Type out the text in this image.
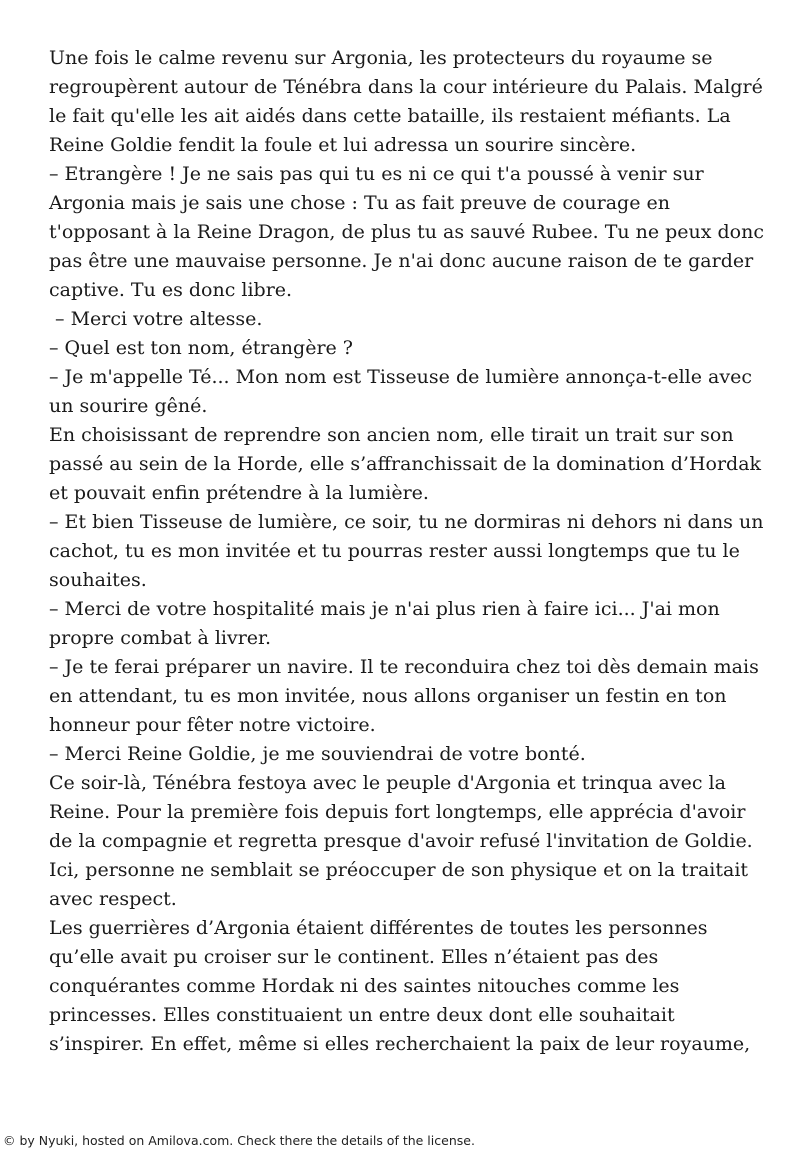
Une fois le calme revenu sur Argonia, les protecteurs du royaume se
regroupèrent autour de Ténébra dans la cour intérieure du Palais. Malgré
le fait qu'elle les ait aidés dans cette bataille, ils restaient méfiants. La
Reine Goldie fendit la foule et lui adressa un sourire sincère.
– Etrangère ! Je ne sais pas qui tu es ni ce qui t'a poussé à venir sur
Argonia mais je sais une chose : Tu as fait preuve de courage en
t'opposant à la Reine Dragon, de plus tu as sauvé Rubee. Tu ne peux donc
pas être une mauvaise personne. Je n'ai donc aucune raison de te garder
captive. Tu es donc libre.
– Merci votre altesse.
– Quel est ton nom, étrangère ?
– Je m'appelle Té... Mon nom est Tisseuse de lumière annonça-t-elle avec
un sourire gêné.
En choisissant de reprendre son ancien nom, elle tirait un trait sur son
passé au sein de la Horde, elle s’affranchissait de la domination d’Hordak
et pouvait enfin prétendre à la lumière.
– Et bien Tisseuse de lumière, ce soir, tu ne dormiras ni dehors ni dans un
cachot, tu es mon invitée et tu pourras rester aussi longtemps que tu le
souhaites.
– Merci de votre hospitalité mais je n'ai plus rien à faire ici... J'ai mon
propre combat à livrer.
– Je te ferai préparer un navire. Il te reconduira chez toi dès demain mais
en attendant, tu es mon invitée, nous allons organiser un festin en ton
honneur pour fêter notre victoire.
– Merci Reine Goldie, je me souviendrai de votre bonté.
Ce soir-là, Ténébra festoya avec le peuple d'Argonia et trinqua avec la
Reine. Pour la première fois depuis fort longtemps, elle apprécia d'avoir
de la compagnie et regretta presque d'avoir refusé l'invitation de Goldie.
Ici, personne ne semblait se préoccuper de son physique et on la traitait
avec respect.
Les guerrières d’Argonia étaient différentes de toutes les personnes
qu’elle avait pu croiser sur le continent. Elles n’étaient pas des
conquérantes comme Hordak ni des saintes nitouches comme les
princesses. Elles constituaient un entre deux dont elle souhaitait
s’inspirer. En effet, même si elles recherchaient la paix de leur royaume,
© by Nyuki, hosted on Amilova.com. Check there the details of the license.
